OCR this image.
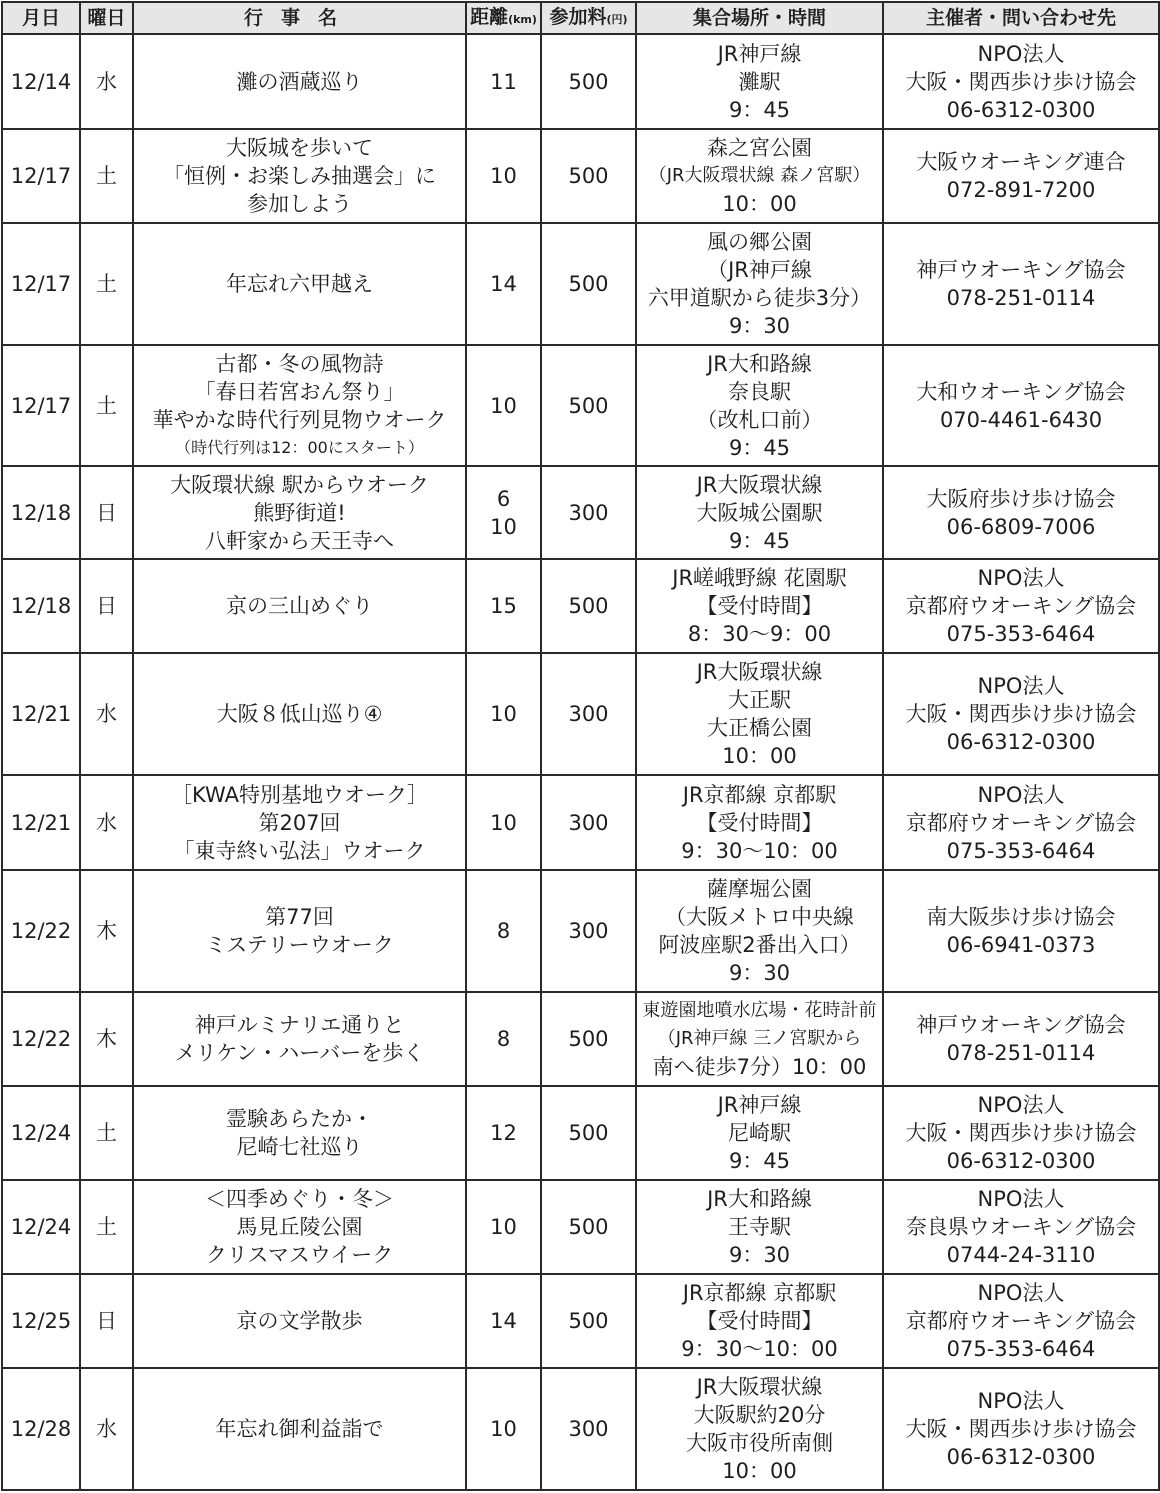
月日	曜日	行事名	距離(km)	参加料(円)	集合場所・時間	主催者・問い合わせ先
12/14	水	灘の酒蔵巡り	11	500	JR神戸線
灘駅
9：45	NPO法人
大阪・関西歩け歩け協会
06-6312-0300

12/17	土	大阪城を歩いて
「恒例・お楽しみ抽選会」に
参加しよう	10	500	森之宮公園
（JR大阪環状線 森ノ宮駅）
10：00	大阪ウオーキング連合
072-891-7200

12/17	土	年忘れ六甲越え	14	500	風の郷公園
（JR神戸線
六甲道駅から徒歩3分）
9：30	神戸ウオーキング協会
078-251-0114

12/17	土	古都・冬の風物詩
「春日若宮おん祭り」
華やかな時代行列見物ウオーク
（時代行列は12：00にスタート）	10	500	JR大和路線
奈良駅
（改札口前）
9：45	大和ウオーキング協会
070-4461-6430

12/18	日	大阪環状線 駅からウオーク
熊野街道!
八軒家から天王寺へ	6
10	300	JR大阪環状線
大阪城公園駅
9：45	大阪府歩け歩け協会
06-6809-7006

12/18	日	京の三山めぐり	15	500	JR嵯峨野線 花園駅
【受付時間】
8：30～9：00	NPO法人
京都府ウオーキング協会
075-353-6464

12/21	水	大阪８低山巡り④	10	300	JR大阪環状線
大正駅
大正橋公園
10：00	NPO法人
大阪・関西歩け歩け協会
06-6312-0300

12/21	水	［KWA特別基地ウオーク］
第207回
「東寺終い弘法」ウオーク	10	300	JR京都線 京都駅
【受付時間】
9：30～10：00	NPO法人
京都府ウオーキング協会
075-353-6464

12/22	木	第77回
ミステリーウオーク	8	300	薩摩堀公園
（大阪メトロ中央線
阿波座駅2番出入口）
9：30	南大阪歩け歩け協会
06-6941-0373

12/22	木	神戸ルミナリエ通りと
メリケン・ハーバーを歩く	8	500	東遊園地噴水広場・花時計前
（JR神戸線 三ノ宮駅から
南へ徒歩7分）10：00	神戸ウオーキング協会
078-251-0114

12/24	土	霊験あらたか・
尼崎七社巡り	12	500	JR神戸線
尼崎駅
9：45	NPO法人
大阪・関西歩け歩け協会
06-6312-0300

12/24	土	＜四季めぐり・冬＞
馬見丘陵公園
クリスマスウイーク	10	500	JR大和路線
王寺駅
9：30	NPO法人
奈良県ウオーキング協会
0744-24-3110

12/25	日	京の文学散歩	14	500	JR京都線 京都駅
【受付時間】
9：30～10：00	NPO法人
京都府ウオーキング協会
075-353-6464

12/28	水	年忘れ御利益詣で	10	300	JR大阪環状線
大阪駅約20分
大阪市役所南側
10：00	NPO法人
大阪・関西歩け歩け協会
06-6312-0300
